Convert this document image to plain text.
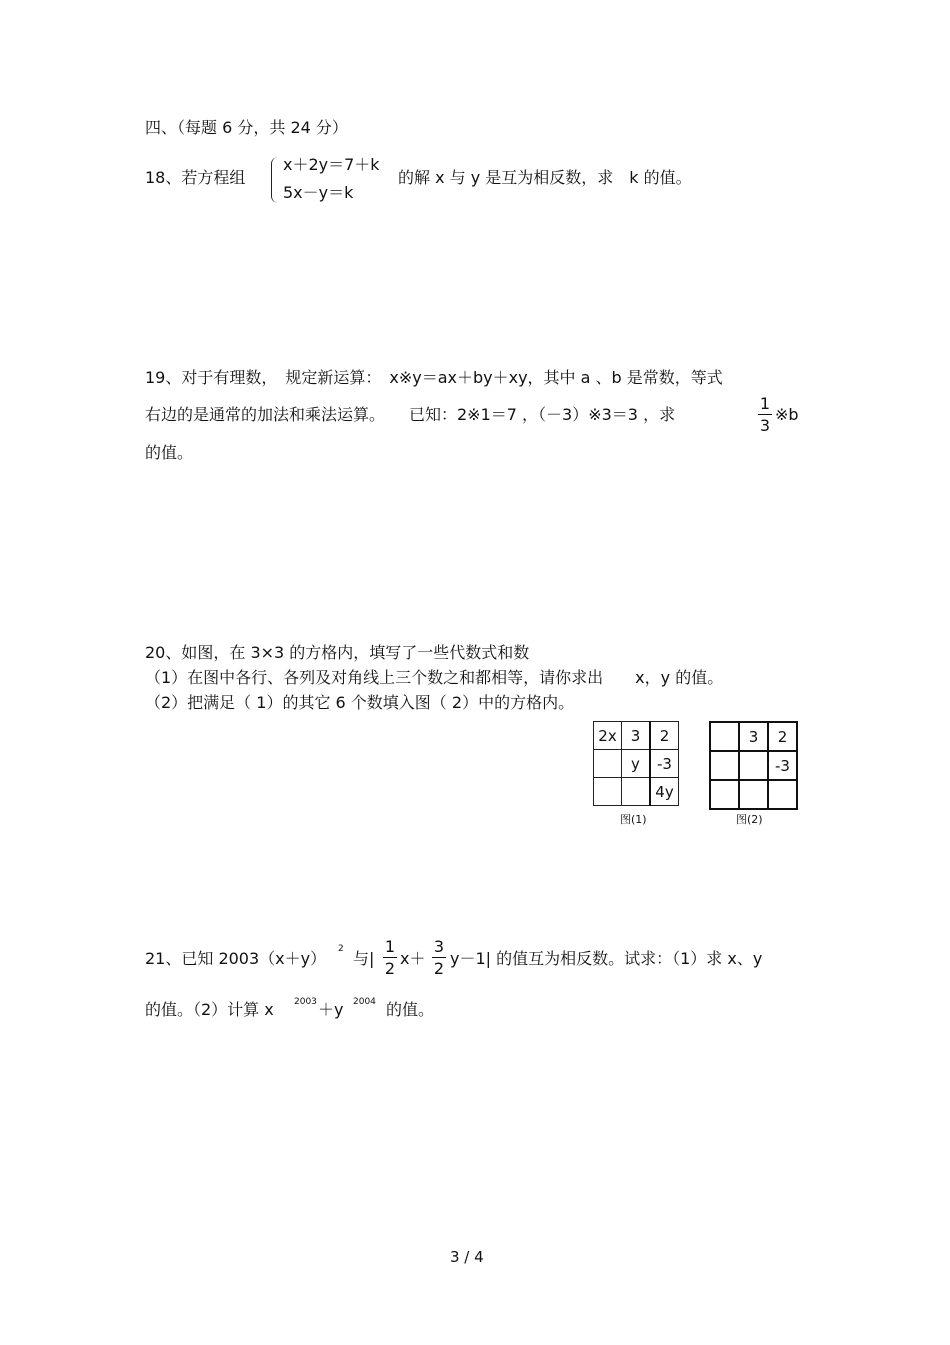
四、（每题 6 分，共 24 分）
18、若方程组
x＋2y＝7＋k
5x－y＝k
的解 x 与 y 是互为相反数，求　k 的值。
19、对于有理数，　规定新运算：　x※y＝ax＋by＋xy，其中 a 、b 是常数，等式
右边的是通常的加法和乘法运算。　　已知：2※1＝7 ，（－3）※3＝3 ，求	$\frac{1}{3}$ ※b
的值。
20、如图，在 3×3 的方格内，填写了一些代数式和数
（1）在图中各行、各列及对角线上三个数之和都相等，请你求出　　x，y 的值。
（2）把满足（ 1）的其它 6 个数填入图（ 2）中的方格内。
2x	3	2
	y	-3
		4y
图(1)
	3	2
		-3

图(2)
21、已知 2003（x＋y） 2 与| $\frac{1}{2} x+ \frac{3}{2} y-1|$ 的值互为相反数。试求：（1）求 x、y
的值。（2）计算 x 2003 ＋y 2004 的值。
3 / 4
